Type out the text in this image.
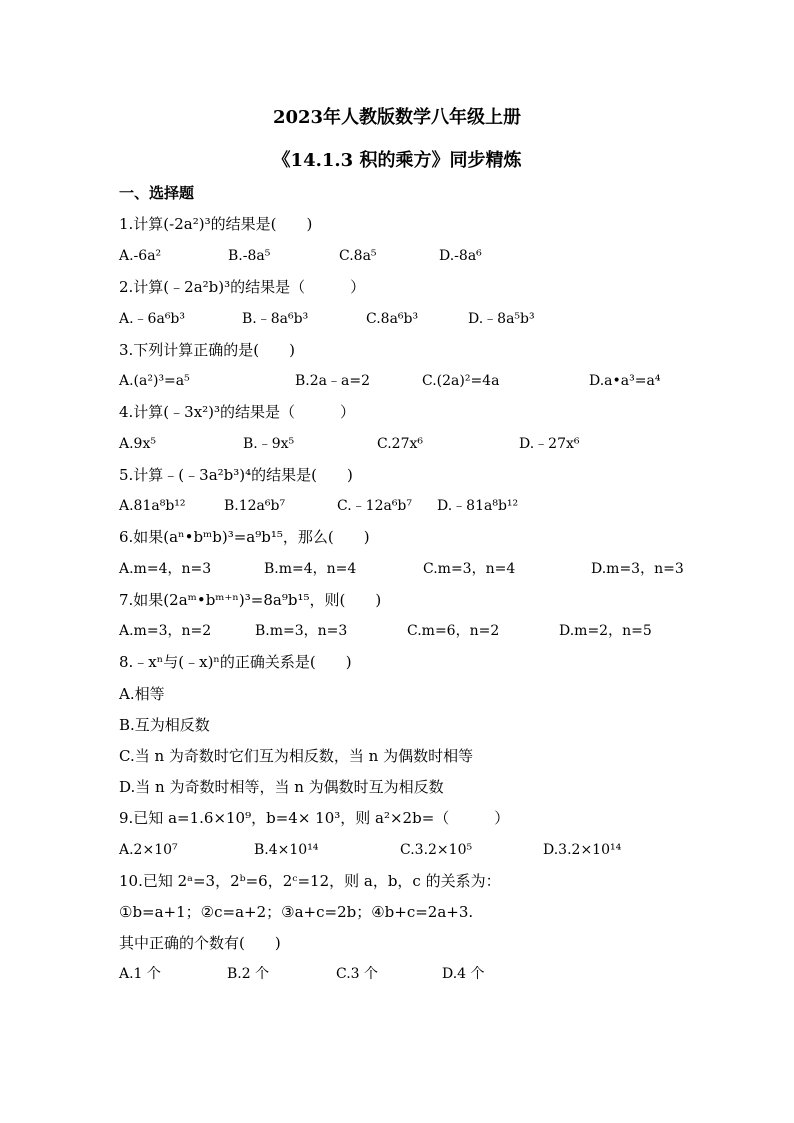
2023年人教版数学八年级上册
《14.1.3 积的乘方》同步精炼
一、选择题
1.计算(-2a²)³的结果是(　　)
A.-6a²	B.-8a⁵	C.8a⁵	D.-8a⁶
2.计算(﹣2a²b)³的结果是（　　　）
A.﹣6a⁶b³	B.﹣8a⁶b³	C.8a⁶b³	D.﹣8a⁵b³
3.下列计算正确的是(　　)
A.(a²)³=a⁵	B.2a﹣a=2	C.(2a)²=4a	D.a•a³=a⁴
4.计算(﹣3x²)³的结果是（　　　）
A.9x⁵	B.﹣9x⁵	C.27x⁶	D.﹣27x⁶
5.计算﹣(﹣3a²b³)⁴的结果是(　　)
A.81a⁸b¹²	B.12a⁶b⁷	C.﹣12a⁶b⁷ D.﹣81a⁸b¹²
6.如果(aⁿ•bᵐb)³=a⁹b¹⁵，那么(　　)
A.m=4，n=3	B.m=4，n=4	C.m=3，n=4	D.m=3，n=3
7.如果(2aᵐ•bᵐ⁺ⁿ)³=8a⁹b¹⁵，则(　　)
A.m=3，n=2	B.m=3，n=3	C.m=6，n=2	D.m=2，n=5
8.﹣xⁿ与(﹣x)ⁿ的正确关系是(　　)
A.相等
B.互为相反数
C.当 n 为奇数时它们互为相反数，当 n 为偶数时相等
D.当 n 为奇数时相等，当 n 为偶数时互为相反数
9.已知 a=1.6×10⁹，b=4× 10³，则 a²×2b=（　　　）
A.2×10⁷	B.4×10¹⁴	C.3.2×10⁵	D.3.2×10¹⁴
10.已知 2ᵃ=3，2ᵇ=6，2ᶜ=12，则 a，b，c 的关系为：
①b=a+1；②c=a+2；③a+c=2b；④b+c=2a+3.
其中正确的个数有(　　)
A.1 个	B.2 个	C.3 个	D.4 个
